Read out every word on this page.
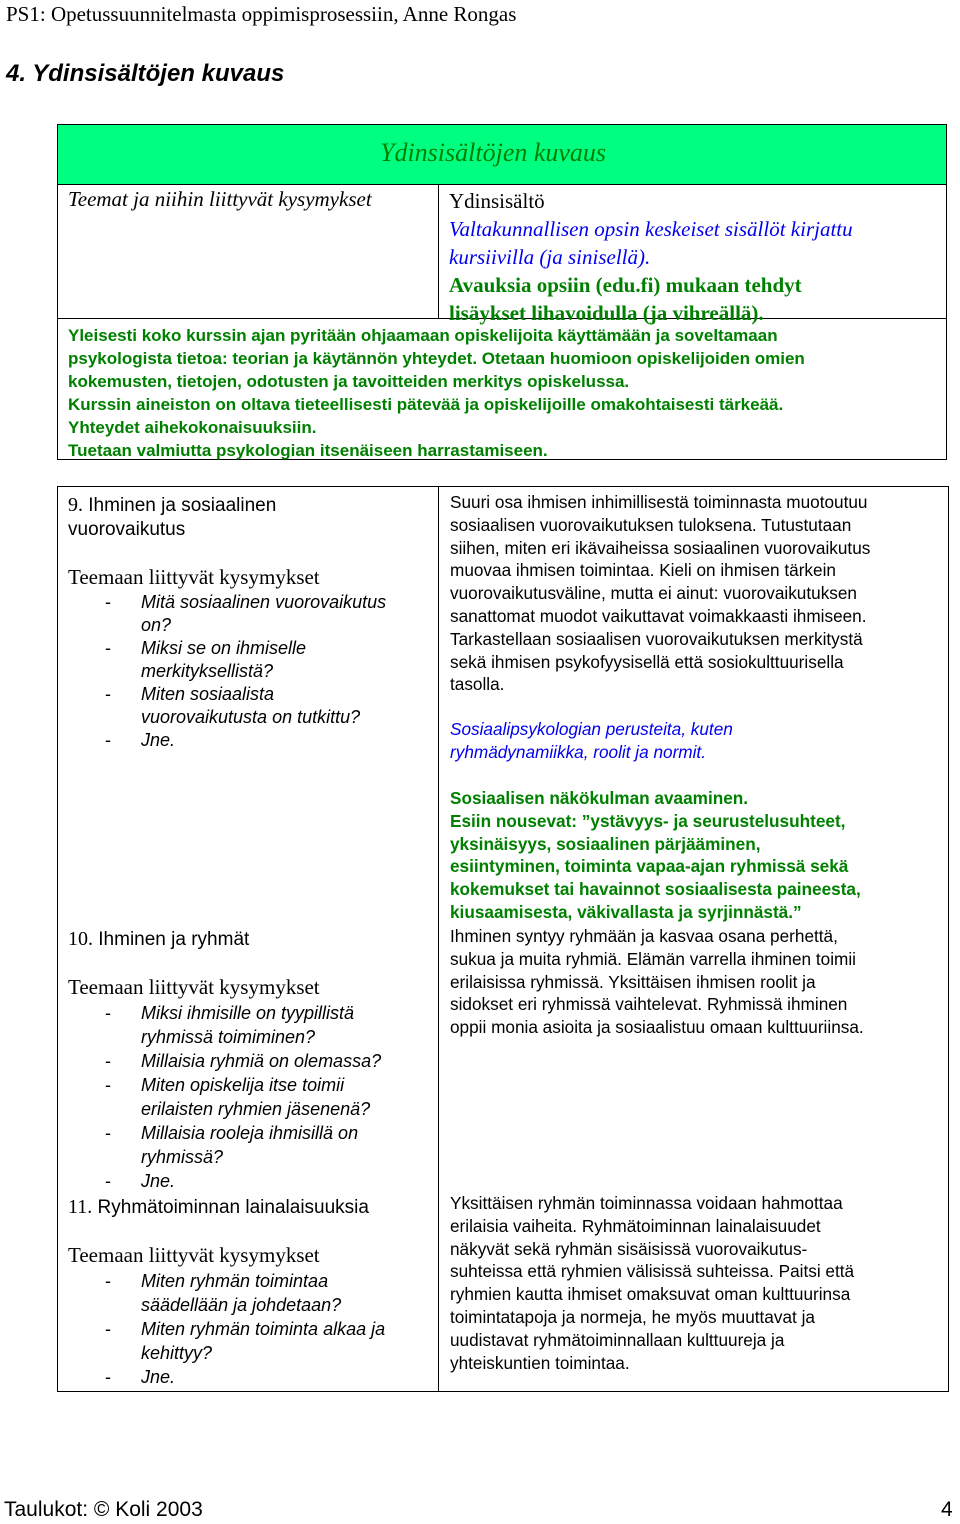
PS1: Opetussuunnitelmasta oppimisprosessiin, Anne Rongas
4. Ydinsisältöjen kuvaus
Ydinsisältöjen kuvaus
Teemat ja niihin liittyvät kysymykset	Ydinsisältö
Valtakunnallisen opsin keskeiset sisällöt kirjattu
kursiivilla (ja sinisellä).
Avauksia opsiin (edu.fi) mukaan tehdyt
lisäykset lihavoidulla (ja vihreällä).
Yleisesti koko kurssin ajan pyritään ohjaamaan opiskelijoita käyttämään ja soveltamaan
psykologista tietoa: teorian ja käytännön yhteydet. Otetaan huomioon opiskelijoiden omien
kokemusten, tietojen, odotusten ja tavoitteiden merkitys opiskelussa.
Kurssin aineiston on oltava tieteellisesti pätevää ja opiskelijoille omakohtaisesti tärkeää.
Yhteydet aihekokonaisuuksiin.
Tuetaan valmiutta psykologian itsenäiseen harrastamiseen.
9. Ihminen ja sosiaalinen
vuorovaikutus
Teemaan liittyvät kysymykset
- Mitä sosiaalinen vuorovaikutus
on?
- Miksi se on ihmiselle
merkityksellistä?
- Miten sosiaalista
vuorovaikutusta on tutkittu?
- Jne.
Suuri osa ihmisen inhimillisestä toiminnasta muotoutuu
sosiaalisen vuorovaikutuksen tuloksena. Tutustutaan
siihen, miten eri ikävaiheissa sosiaalinen vuorovaikutus
muovaa ihmisen toimintaa. Kieli on ihmisen tärkein
vuorovaikutusväline, mutta ei ainut: vuorovaikutuksen
sanattomat muodot vaikuttavat voimakkaasti ihmiseen.
Tarkastellaan sosiaalisen vuorovaikutuksen merkitystä
sekä ihmisen psykofyysisellä että sosiokulttuurisella
tasolla.
Sosiaalipsykologian perusteita, kuten
ryhmädynamiikka, roolit ja normit.
Sosiaalisen näkökulman avaaminen.
Esiin nousevat: ”ystävyys- ja seurustelusuhteet,
yksinäisyys, sosiaalinen pärjääminen,
esiintyminen, toiminta vapaa-ajan ryhmissä sekä
kokemukset tai havainnot sosiaalisesta paineesta,
kiusaamisesta, väkivallasta ja syrjinnästä.”
10. Ihminen ja ryhmät
Teemaan liittyvät kysymykset
- Miksi ihmisille on tyypillistä
ryhmissä toimiminen?
- Millaisia ryhmiä on olemassa?
- Miten opiskelija itse toimii
erilaisten ryhmien jäsenenä?
- Millaisia rooleja ihmisillä on
ryhmissä?
- Jne.
Ihminen syntyy ryhmään ja kasvaa osana perhettä,
sukua ja muita ryhmiä. Elämän varrella ihminen toimii
erilaisissa ryhmissä. Yksittäisen ihmisen roolit ja
sidokset eri ryhmissä vaihtelevat. Ryhmissä ihminen
oppii monia asioita ja sosiaalistuu omaan kulttuuriinsa.
11. Ryhmätoiminnan lainalaisuuksia
Teemaan liittyvät kysymykset
- Miten ryhmän toimintaa
säädellään ja johdetaan?
- Miten ryhmän toiminta alkaa ja
kehittyy?
- Jne.
Yksittäisen ryhmän toiminnassa voidaan hahmottaa
erilaisia vaiheita. Ryhmätoiminnan lainalaisuudet
näkyvät sekä ryhmän sisäisissä vuorovaikutus-
suhteissa että ryhmien välisissä suhteissa. Paitsi että
ryhmien kautta ihmiset omaksuvat oman kulttuurinsa
toimintatapoja ja normeja, he myös muuttavat ja
uudistavat ryhmätoiminnallaan kulttuureja ja
yhteiskuntien toimintaa.
Taulukot: © Koli 2003	4
